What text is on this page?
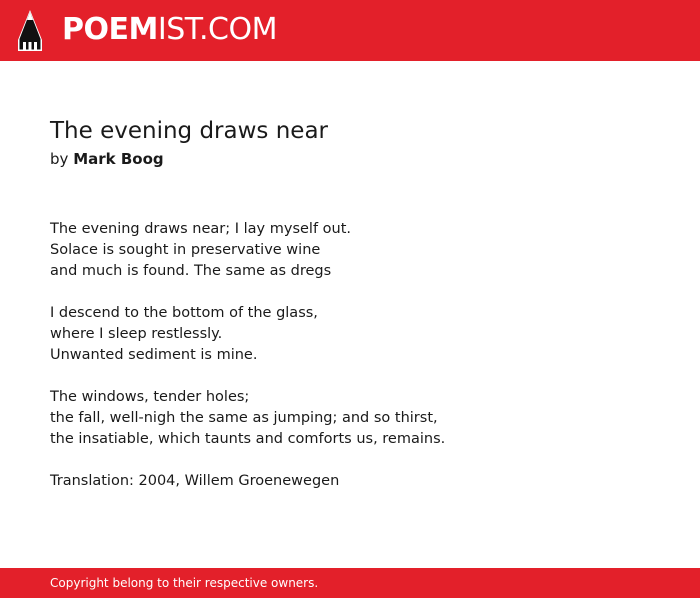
POEMIST.COM
The evening draws near
by Mark Boog
The evening draws near; I lay myself out.
Solace is sought in preservative wine
and much is found. The same as dregs
I descend to the bottom of the glass,
where I sleep restlessly.
Unwanted sediment is mine.
The windows, tender holes;
the fall, well-nigh the same as jumping; and so thirst,
the insatiable, which taunts and comforts us, remains.
Translation: 2004, Willem Groenewegen
Copyright belong to their respective owners.
